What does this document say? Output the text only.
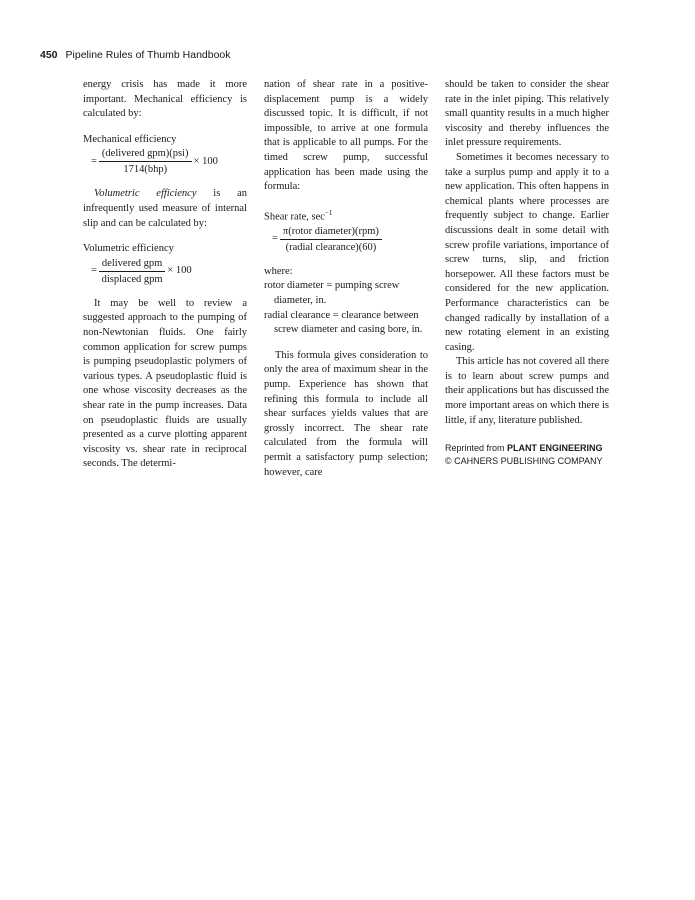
450 Pipeline Rules of Thumb Handbook

energy crisis has made it more important. Mechanical efficiency is calculated by:

Mechanical efficiency

= $\frac{\text{(delivered gpm)(psi)}}{\text{1714(bhp)}} \times 100$

Volumetric efficiency is an infrequently used measure of internal slip and can be calculated by:

Volumetric efficiency

= $\frac{\text{delivered gpm}}{\text{displaced gpm}} \times 100$

It may be well to review a suggested approach to the pumping of non-Newtonian fluids. One fairly common application for screw pumps is pumping pseudoplastic polymers of various types. A pseudoplastic fluid is one whose viscosity decreases as the shear rate in the pump increases. Data on pseudoplastic fluids are usually presented as a curve plotting apparent viscosity vs. shear rate in reciprocal seconds. The determi-

nation of shear rate in a positive-displacement pump is a widely discussed topic. It is difficult, if not impossible, to arrive at one formula that is applicable to all pumps. For the timed screw pump, successful application has been made using the formula:

Shear rate, $\sec^{-1}$

= $\frac{\text{π(rotor diameter)(rpm)}}{\text{(radial clearance)(60)}}$

where:

rotor diameter = pumping screw diameter, in.

radial clearance = clearance between screw diameter and casing bore, in.

This formula gives consideration to only the area of maximum shear in the pump. Experience has shown that refining this formula to include all shear surfaces yields values that are grossly incorrect. The shear rate calculated from the formula will permit a satisfactory pump selection; however, care

should be taken to consider the shear rate in the inlet piping. This relatively small quantity results in a much higher viscosity and thereby influences the inlet pressure requirements.

Sometimes it becomes necessary to take a surplus pump and apply it to a new application. This often happens in chemical plants where processes are frequently subject to change. Earlier discussions dealt in some detail with screw profile variations, importance of screw turns, slip, and friction horsepower. All these factors must be considered for the new application. Performance characteristics can be changed radically by installation of a new rotating element in an existing casing.

This article has not covered all there is to learn about screw pumps and their applications but has discussed the more important areas on which there is little, if any, literature published.

Reprinted from PLANT ENGINEERING
© CAHNERS PUBLISHING COMPANY
